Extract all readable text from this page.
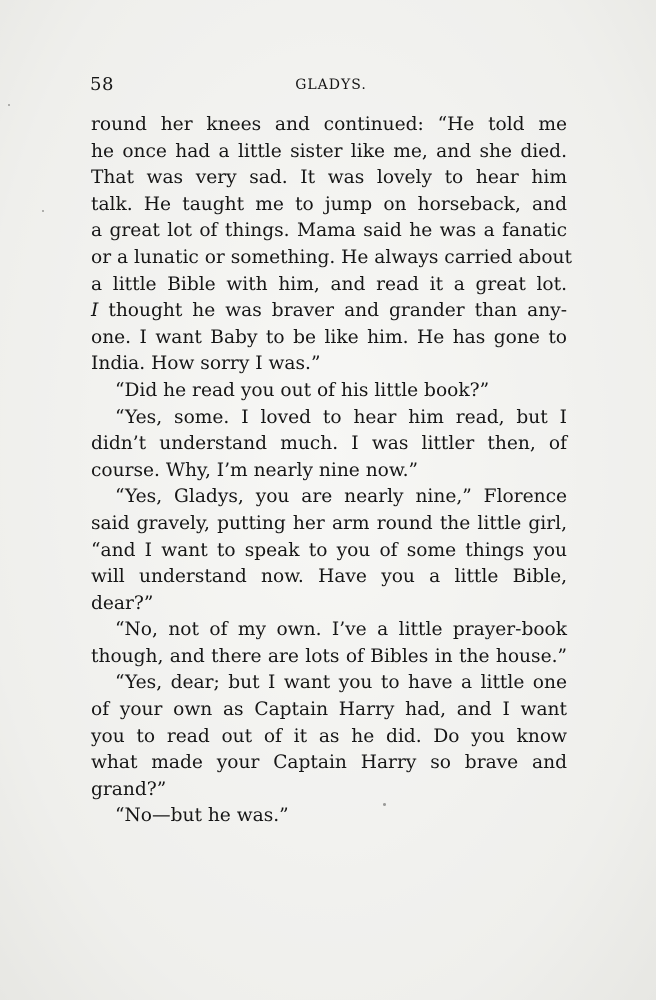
58	GLADYS.
round her knees and continued: “He told me
he once had a little sister like me, and she died.
That was very sad. It was lovely to hear him
talk. He taught me to jump on horseback, and
a great lot of things. Mama said he was a fanatic
or a lunatic or something. He always carried about
a little Bible with him, and read it a great lot.
I thought he was braver and grander than any-
one. I want Baby to be like him. He has gone to
India. How sorry I was.”
“Did he read you out of his little book?”
“Yes, some. I loved to hear him read, but I
didn’t understand much. I was littler then, of
course. Why, I’m nearly nine now.”
“Yes, Gladys, you are nearly nine,” Florence
said gravely, putting her arm round the little girl,
“and I want to speak to you of some things you
will understand now. Have you a little Bible,
dear?”
“No, not of my own. I’ve a little prayer-book
though, and there are lots of Bibles in the house.”
“Yes, dear; but I want you to have a little one
of your own as Captain Harry had, and I want
you to read out of it as he did. Do you know
what made your Captain Harry so brave and
grand?”
“No—but he was.”
